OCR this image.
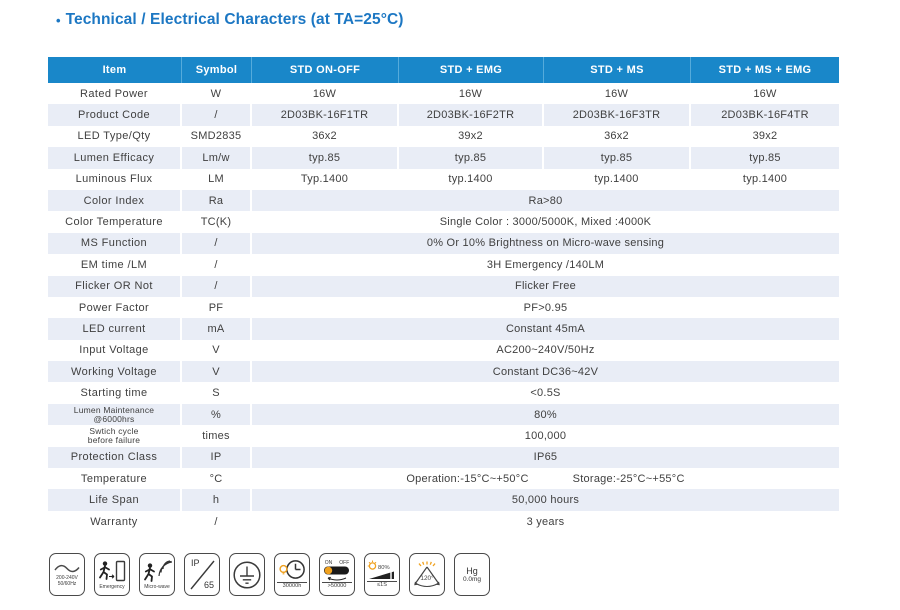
• Technical / Electrical Characters (at TA=25°C)
Item	Symbol	STD ON-OFF	STD + EMG	STD + MS	STD + MS + EMG
Rated Power	W	16W	16W	16W	16W
Product Code	/	2D03BK-16F1TR	2D03BK-16F2TR	2D03BK-16F3TR	2D03BK-16F4TR
LED Type/Qty	SMD2835	36x2	39x2	36x2	39x2
Lumen Efficacy	Lm/w	typ.85	typ.85	typ.85	typ.85
Luminous Flux	LM	Typ.1400	typ.1400	typ.1400	typ.1400
Color Index	Ra	Ra>80
Color Temperature	TC(K)	Single Color : 3000/5000K, Mixed :4000K
MS Function	/	0% Or 10% Brightness on Micro-wave sensing
EM time /LM	/	3H Emergency /140LM
Flicker OR Not	/	Flicker Free
Power Factor	PF	PF>0.95
LED current	mA	Constant 45mA
Input Voltage	V	AC200~240V/50Hz
Working Voltage	V	Constant DC36~42V
Starting time	S	<0.5S
Lumen Maintenance
@6000hrs	%	80%
Swtich cycle
before failure	times	100,000
Protection Class	IP	IP65
Temperature	°C	Operation:-15°C~+50°C	Storage:-25°C~+55°C
Life Span	h	50,000 hours
Warranty	/	3 years
200-240V
50/60Hz	Emergency	Micro-wave
IP
65	30000h
ON OFF
>50000
80%
≤1S
120°
Hg
0.0mg
